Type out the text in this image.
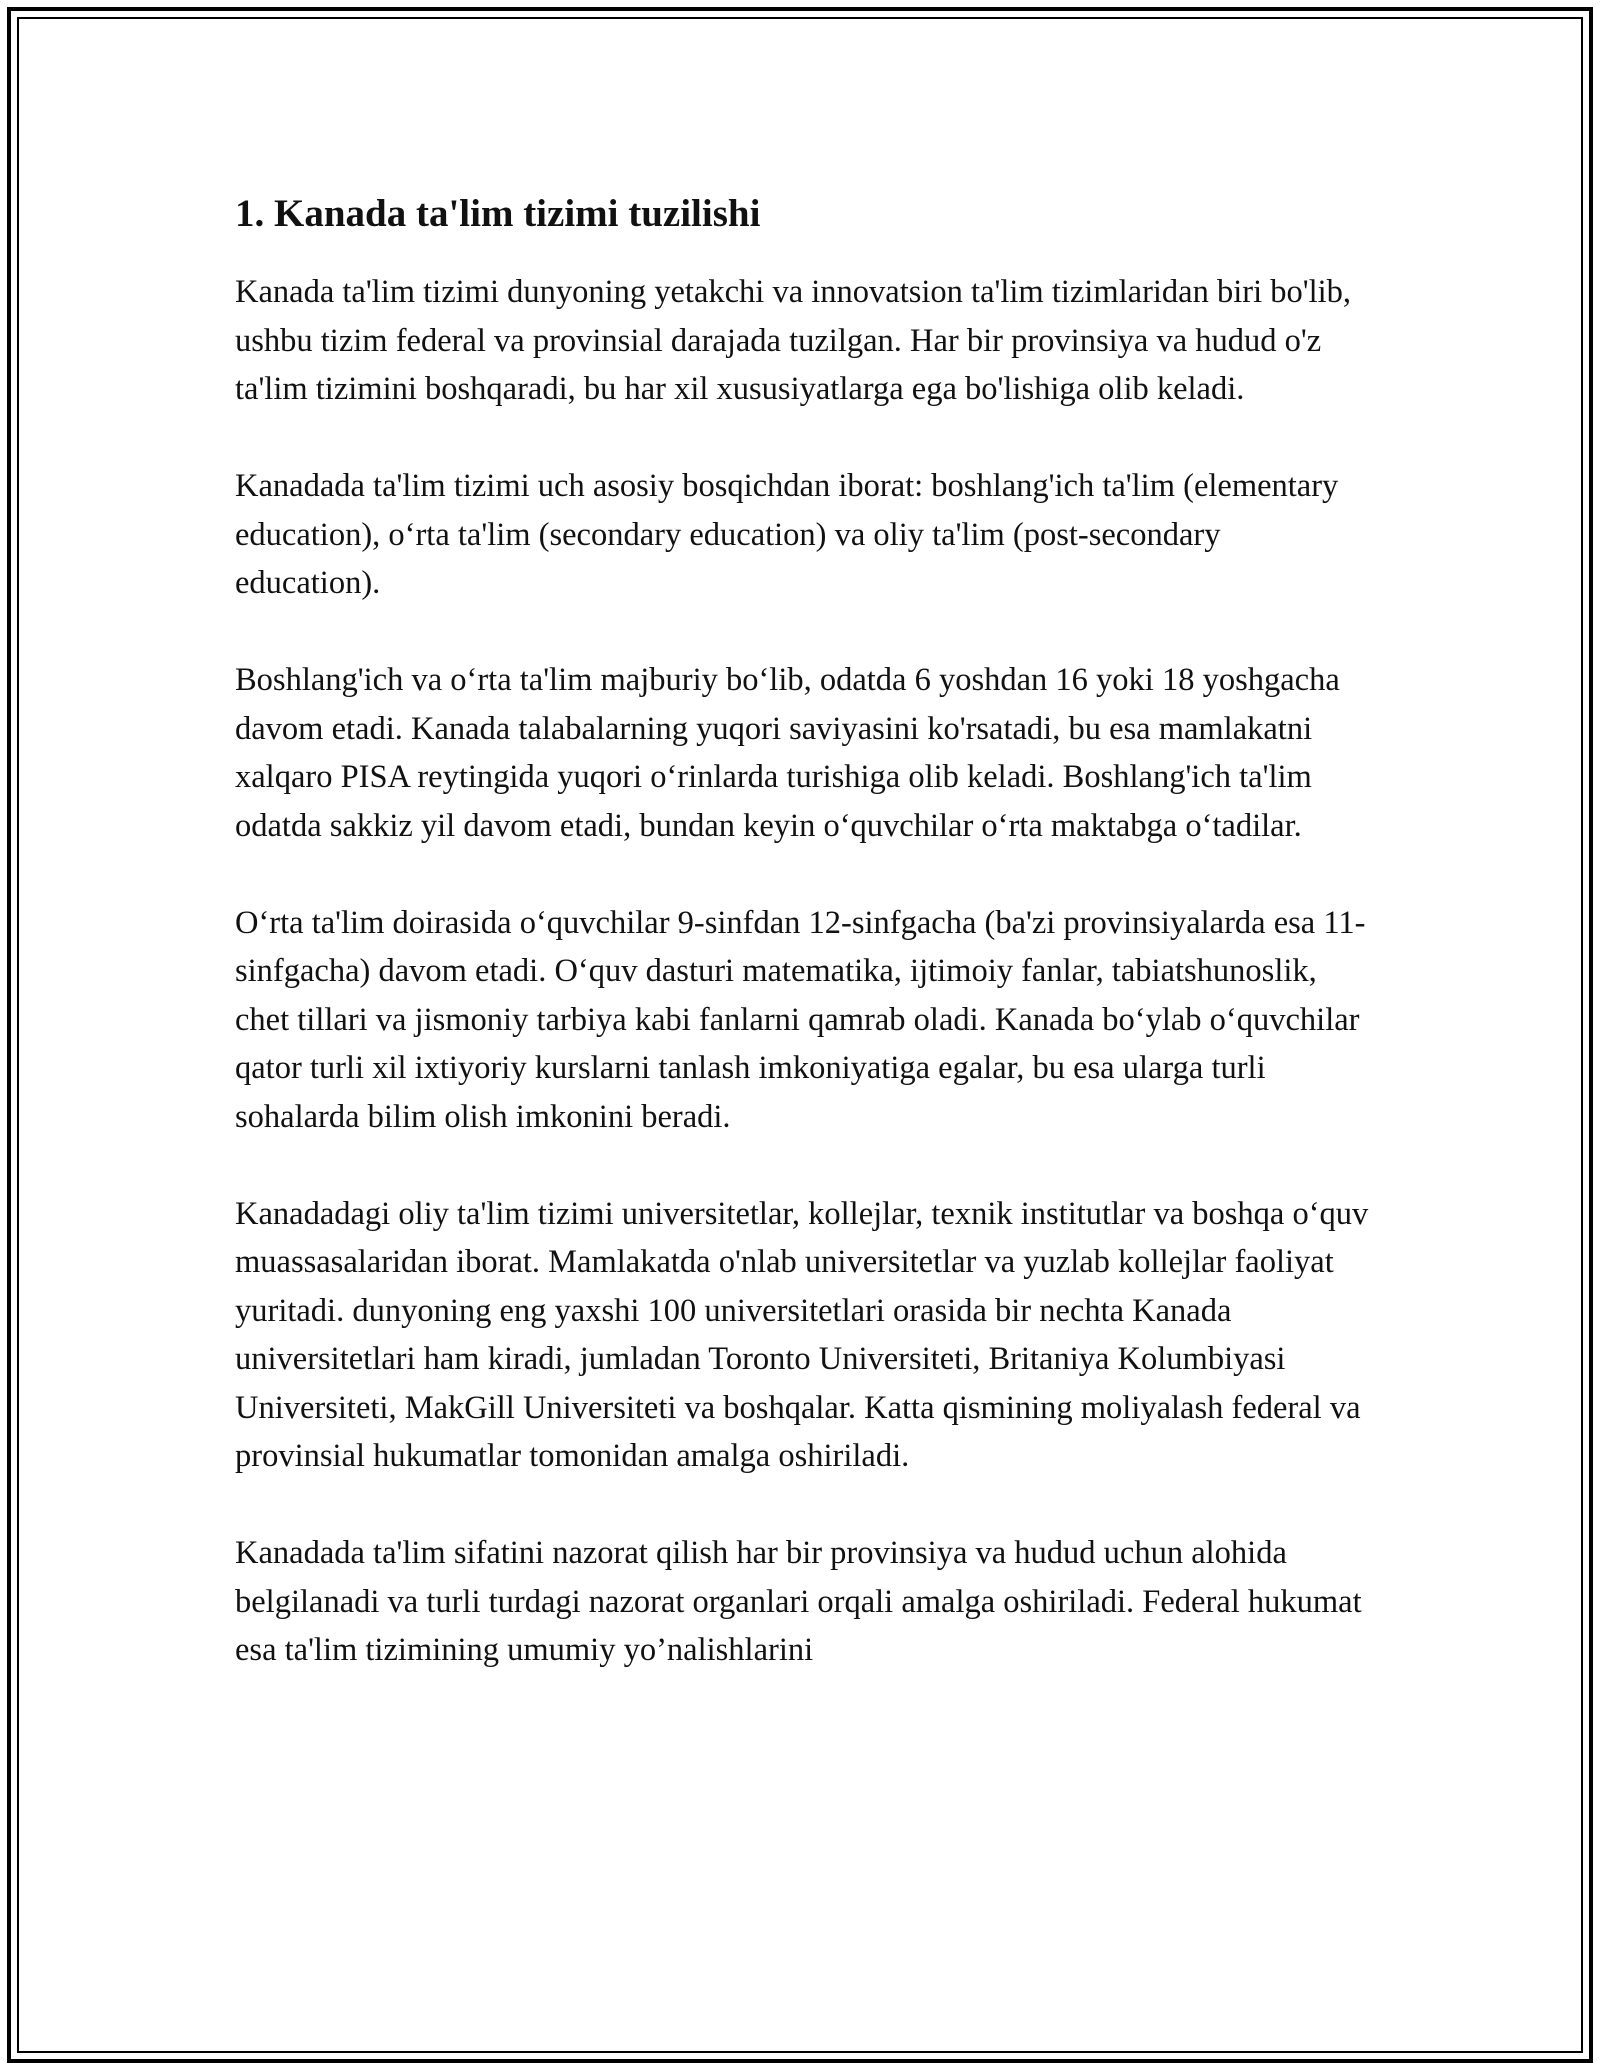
1. Kanada ta'lim tizimi tuzilishi

Kanada ta'lim tizimi dunyoning yetakchi va innovatsion ta'lim tizimlaridan biri bo'lib, ushbu tizim federal va provinsial darajada tuzilgan. Har bir provinsiya va hudud o'z ta'lim tizimini boshqaradi, bu har xil xususiyatlarga ega bo'lishiga olib keladi.

Kanadada ta'lim tizimi uch asosiy bosqichdan iborat: boshlang'ich ta'lim (elementary education), o‘rta ta'lim (secondary education) va oliy ta'lim (post-secondary education).

Boshlang'ich va o‘rta ta'lim majburiy bo‘lib, odatda 6 yoshdan 16 yoki 18 yoshgacha davom etadi. Kanada talabalarning yuqori saviyasini ko'rsatadi, bu esa mamlakatni xalqaro PISA reytingida yuqori o‘rinlarda turishiga olib keladi. Boshlang'ich ta'lim odatda sakkiz yil davom etadi, bundan keyin o‘quvchilar o‘rta maktabga o‘tadilar.

O‘rta ta'lim doirasida o‘quvchilar 9-sinfdan 12-sinfgacha (ba'zi provinsiyalarda esa 11-sinfgacha) davom etadi. O‘quv dasturi matematika, ijtimoiy fanlar, tabiatshunoslik, chet tillari va jismoniy tarbiya kabi fanlarni qamrab oladi. Kanada bo‘ylab o‘quvchilar qator turli xil ixtiyoriy kurslarni tanlash imkoniyatiga egalar, bu esa ularga turli sohalarda bilim olish imkonini beradi.

Kanadadagi oliy ta'lim tizimi universitetlar, kollejlar, texnik institutlar va boshqa o‘quv muassasalaridan iborat. Mamlakatda o'nlab universitetlar va yuzlab kollejlar faoliyat yuritadi. dunyoning eng yaxshi 100 universitetlari orasida bir nechta Kanada universitetlari ham kiradi, jumladan Toronto Universiteti, Britaniya Kolumbiyasi Universiteti, MakGill Universiteti va boshqalar. Katta qismining moliyalash federal va provinsial hukumatlar tomonidan amalga oshiriladi.

Kanadada ta'lim sifatini nazorat qilish har bir provinsiya va hudud uchun alohida belgilanadi va turli turdagi nazorat organlari orqali amalga oshiriladi. Federal hukumat esa ta'lim tizimining umumiy yo’nalishlarini
